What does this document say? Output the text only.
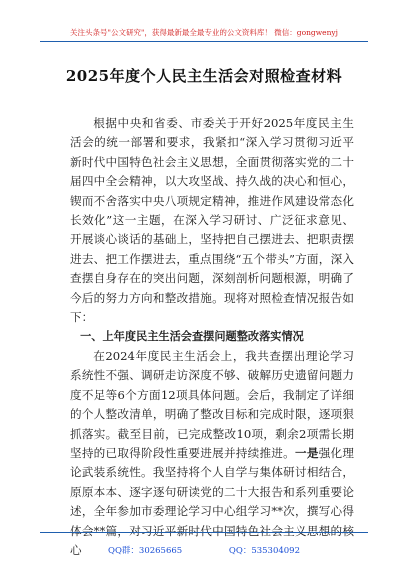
关注头条号"公文研究"，获得最新最全最专业的公文资料库！ 微信：gongwenyj
2025年度个人民主生活会对照检查材料

根据中央和省委、市委关于开好2025年度民主生活会的统一部署和要求，我紧扣“深入学习贯彻习近平新时代中国特色社会主义思想，全面贯彻落实党的二十届四中全会精神，以大攻坚战、持久战的决心和恒心，锲而不舍落实中央八项规定精神，推进作风建设常态化长效化”这一主题，在深入学习研讨、广泛征求意见、开展谈心谈话的基础上，坚持把自己摆进去、把职责摆进去、把工作摆进去，重点围绕“五个带头”方面，深入查摆自身存在的突出问题，深刻剖析问题根源，明确了今后的努力方向和整改措施。现将对照检查情况报告如下：

一、上年度民主生活会查摆问题整改落实情况

在2024年度民主生活会上，我共查摆出理论学习系统性不强、调研走访深度不够、破解历史遗留问题力度不足等6个方面12项具体问题。会后，我制定了详细的个人整改清单，明确了整改目标和完成时限，逐项狠抓落实。截至目前，已完成整改10项，剩余2项需长期坚持的已取得阶段性重要进展并持续推进。一是强化理论武装系统性。我坚持将个人自学与集体研讨相结合，原原本本、逐字逐句研读党的二十大报告和系列重要论述，全年参加市委理论学习中心组学习**次，撰写心得体会**篇，对习近平新时代中国特色社会主义思想的核心	QQ群：30265665	QQ：535304092
